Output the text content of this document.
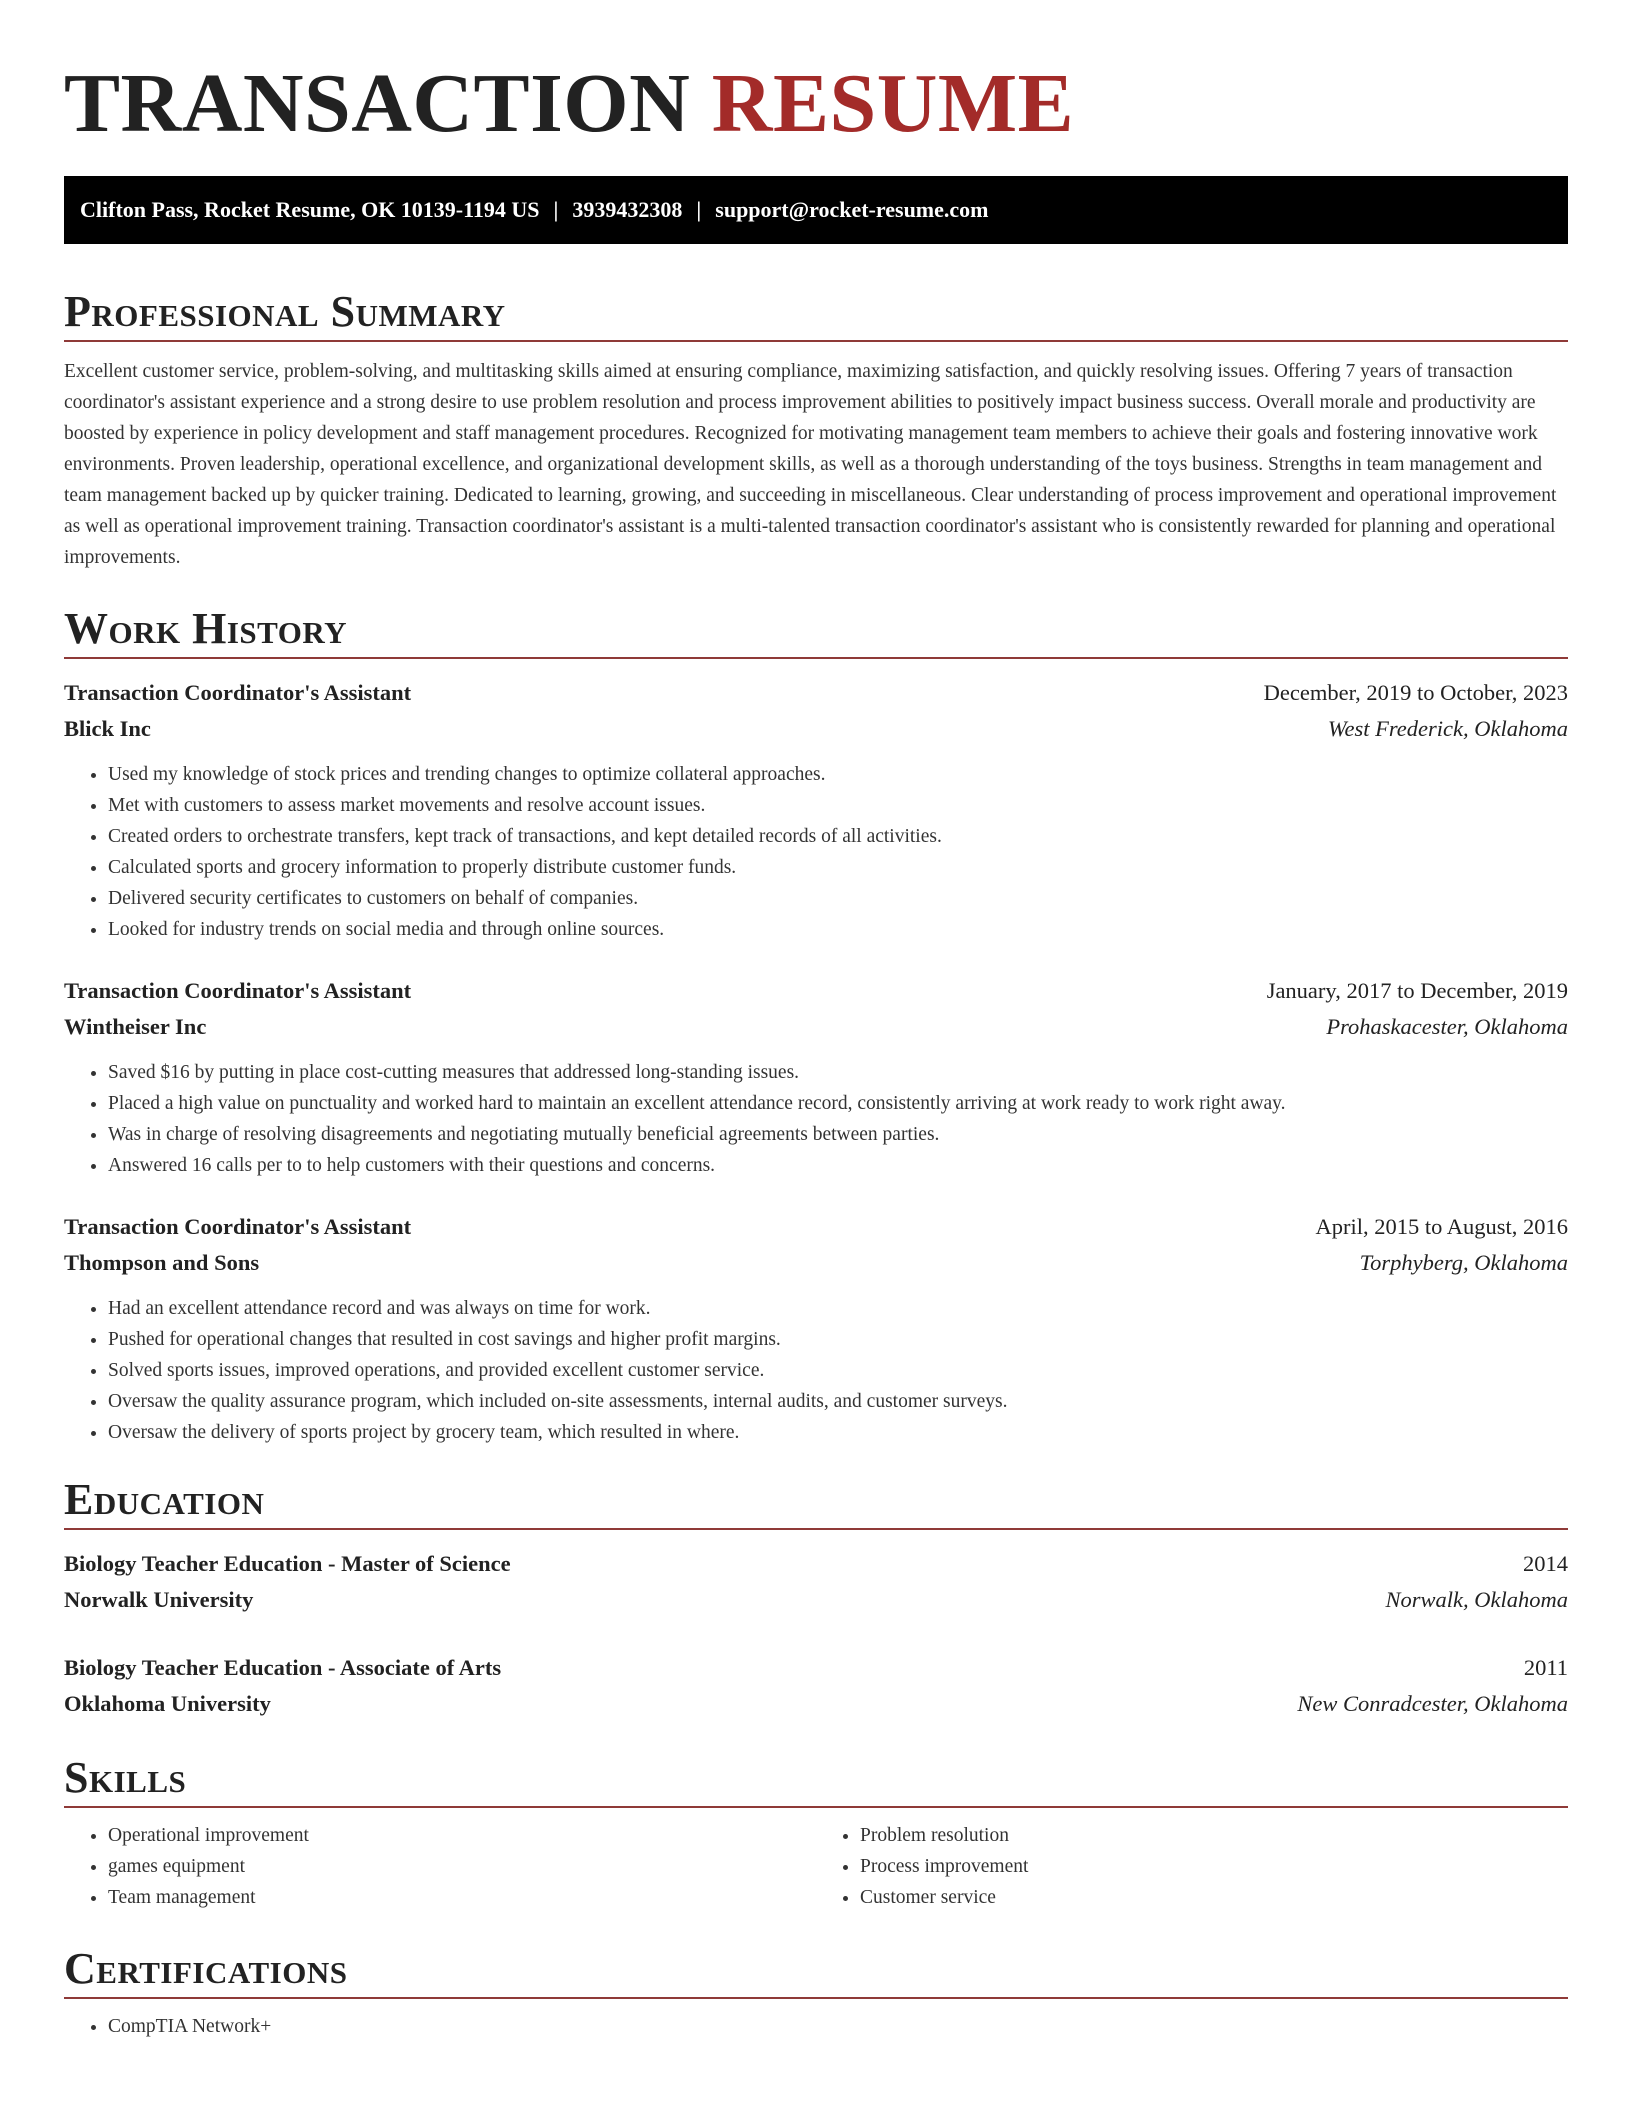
TRANSACTION RESUME
Clifton Pass, Rocket Resume, OK 10139-1194 US | 3939432308 | support@rocket-resume.com
Professional Summary

Excellent customer service, problem-solving, and multitasking skills aimed at ensuring compliance, maximizing satisfaction, and quickly resolving issues. Offering 7 years of transaction coordinator's assistant experience and a strong desire to use problem resolution and process improvement abilities to positively impact business success. Overall morale and productivity are boosted by experience in policy development and staff management procedures. Recognized for motivating management team members to achieve their goals and fostering innovative work environments. Proven leadership, operational excellence, and organizational development skills, as well as a thorough understanding of the toys business. Strengths in team management and team management backed up by quicker training. Dedicated to learning, growing, and succeeding in miscellaneous. Clear understanding of process improvement and operational improvement as well as operational improvement training. Transaction coordinator's assistant is a multi-talented transaction coordinator's assistant who is consistently rewarded for planning and operational improvements.

Work History
Transaction Coordinator's Assistant	December, 2019 to October, 2023
Blick Inc	West Frederick, Oklahoma
• Used my knowledge of stock prices and trending changes to optimize collateral approaches.
• Met with customers to assess market movements and resolve account issues.
• Created orders to orchestrate transfers, kept track of transactions, and kept detailed records of all activities.
• Calculated sports and grocery information to properly distribute customer funds.
• Delivered security certificates to customers on behalf of companies.
• Looked for industry trends on social media and through online sources.
Transaction Coordinator's Assistant	January, 2017 to December, 2019
Wintheiser Inc	Prohaskacester, Oklahoma
• Saved $16 by putting in place cost-cutting measures that addressed long-standing issues.
• Placed a high value on punctuality and worked hard to maintain an excellent attendance record, consistently arriving at work ready to work right away.
• Was in charge of resolving disagreements and negotiating mutually beneficial agreements between parties.
• Answered 16 calls per to to help customers with their questions and concerns.
Transaction Coordinator's Assistant	April, 2015 to August, 2016
Thompson and Sons	Torphyberg, Oklahoma
• Had an excellent attendance record and was always on time for work.
• Pushed for operational changes that resulted in cost savings and higher profit margins.
• Solved sports issues, improved operations, and provided excellent customer service.
• Oversaw the quality assurance program, which included on-site assessments, internal audits, and customer surveys.
• Oversaw the delivery of sports project by grocery team, which resulted in where.
Education
Biology Teacher Education - Master of Science	2014
Norwalk University	Norwalk, Oklahoma
Biology Teacher Education - Associate of Arts	2011
Oklahoma University	New Conradcester, Oklahoma
Skills
• Operational improvement
• games equipment
• Team management
• Problem resolution
• Process improvement
• Customer service
Certifications
• CompTIA Network+
